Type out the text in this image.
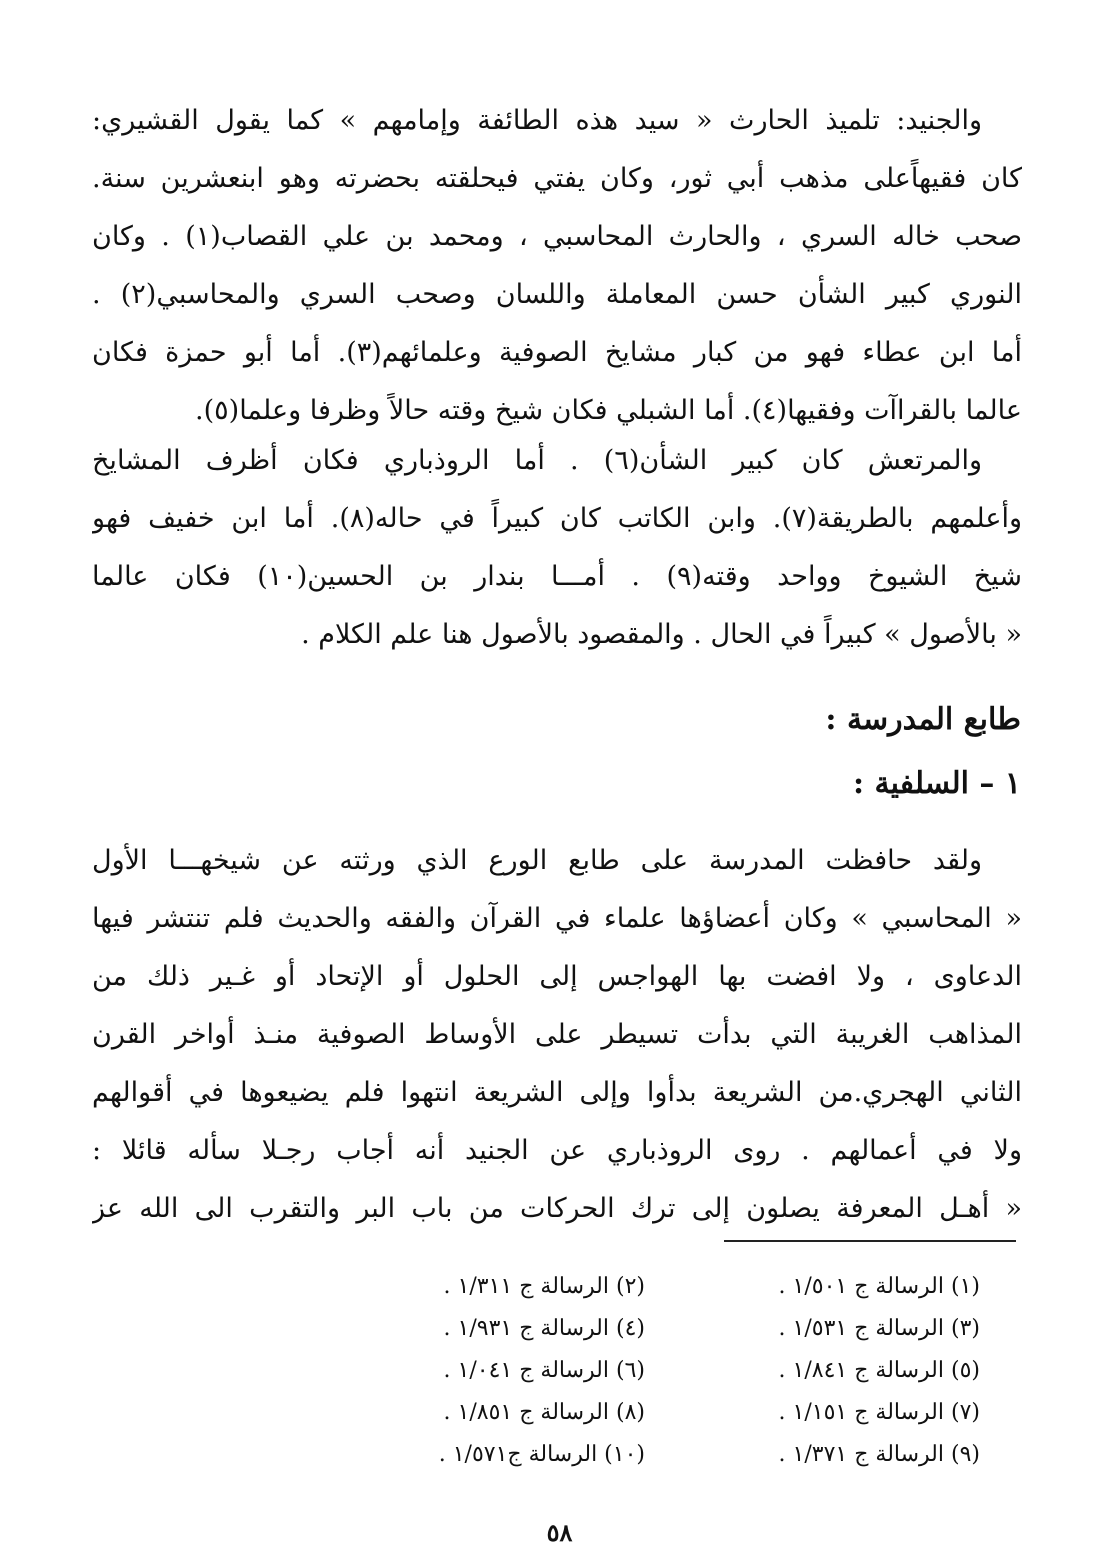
والجنيد: تلميذ الحارث « سيد هذه الطائفة وإمامهم » كما يقول القشيري:
كان فقيهاًعلى مذهب أبي ثور، وكان يفتي فيحلقته بحضرته وهو ابنعشرين سنة.
صحب خاله السري ، والحارث المحاسبي ، ومحمد بن علي القصاب(١) . وكان
النوري كبير الشأن حسن المعاملة واللسان وصحب السري والمحاسبي(٢) .
أما ابن عطاء فهو من كبار مشايخ الصوفية وعلمائهم(٣). أما أبو حمزة فكان
عالما بالقراآت وفقيها(٤). أما الشبلي فكان شيخ وقته حالاً وظرفا وعلما(٥).
والمرتعش كان كبير الشأن(٦) . أما الروذباري فكان أظرف المشايخ
وأعلمهم بالطريقة(٧). وابن الكاتب كان كبيراً في حاله(٨). أما ابن خفيف فهو
شيخ الشيوخ وواحد وقته(٩) . أمـــا بندار بن الحسين(١٠) فكان عالما
« بالأصول » كبيراً في الحال . والمقصود بالأصول هنا علم الكلام .
طابع المدرسة :
١ – السلفية :
ولقد حافظت المدرسة على طابع الورع الذي ورثته عن شيخهـــا الأول
« المحاسبي » وكان أعضاؤها علماء في القرآن والفقه والحديث فلم تنتشر فيها
الدعاوى ، ولا افضت بها الهواجس إلى الحلول أو الإتحاد أو غـير ذلك من
المذاهب الغريبة التي بدأت تسيطر على الأوساط الصوفية منـذ أواخر القرن
الثاني الهجري.من الشريعة بدأوا وإلى الشريعة انتهوا فلم يضيعوها في أقوالهم
ولا في أعمالهم . روى الروذباري عن الجنيد أنه أجاب رجـلا سأله قائلا :
« أهـل المعرفة يصلون إلى ترك الحركات من باب البر والتقرب الى الله عز
(١) الرسالة ج ١/٥٠١ .
(٢) الرسالة ج ١/٣١١ .
(٣) الرسالة ج ١/٥٣١ .
(٤) الرسالة ج ١/٩٣١ .
(٥) الرسالة ج ١/٨٤١ .
(٦) الرسالة ج ١/٠٤١ .
(٧) الرسالة ج ١/١٥١ .
(٨) الرسالة ج ١/٨٥١ .
(٩) الرسالة ج ١/٣٧١ .
(١٠) الرسالة ج١/٥٧١ .
٥٨
